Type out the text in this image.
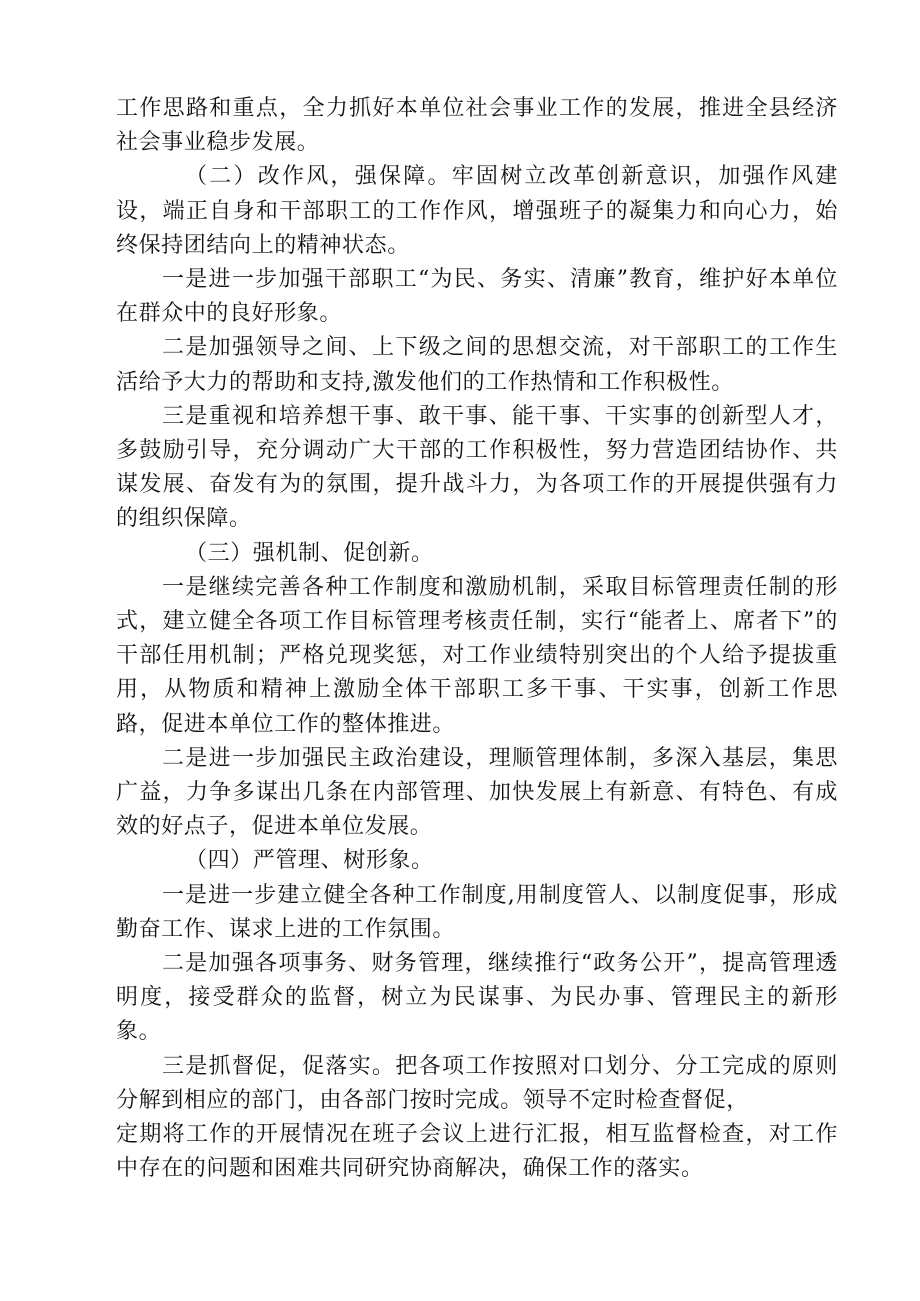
工作思路和重点，全力抓好本单位社会事业工作的发展，推进全县经济社会事业稳步发展。

（二）改作风，强保障。牢固树立改革创新意识，加强作风建设，端正自身和干部职工的工作作风，增强班子的凝集力和向心力，始终保持团结向上的精神状态。

一是进一步加强干部职工“为民、务实、清廉”教育，维护好本单位在群众中的良好形象。

二是加强领导之间、上下级之间的思想交流，对干部职工的工作生活给予大力的帮助和支持,激发他们的工作热情和工作积极性。

三是重视和培养想干事、敢干事、能干事、干实事的创新型人才，多鼓励引导，充分调动广大干部的工作积极性，努力营造团结协作、共谋发展、奋发有为的氛围，提升战斗力，为各项工作的开展提供强有力的组织保障。

（三）强机制、促创新。

一是继续完善各种工作制度和激励机制，采取目标管理责任制的形式，建立健全各项工作目标管理考核责任制，实行“能者上、席者下”的干部任用机制；严格兑现奖惩，对工作业绩特别突出的个人给予提拔重用，从物质和精神上激励全体干部职工多干事、干实事，创新工作思路，促进本单位工作的整体推进。

二是进一步加强民主政治建设，理顺管理体制，多深入基层，集思广益，力争多谋出几条在内部管理、加快发展上有新意、有特色、有成效的好点子，促进本单位发展。

（四）严管理、树形象。

一是进一步建立健全各种工作制度,用制度管人、以制度促事，形成勤奋工作、谋求上进的工作氛围。

二是加强各项事务、财务管理，继续推行“政务公开”，提高管理透明度，接受群众的监督，树立为民谋事、为民办事、管理民主的新形象。

三是抓督促，促落实。把各项工作按照对口划分、分工完成的原则分解到相应的部门，由各部门按时完成。领导不定时检查督促，

定期将工作的开展情况在班子会议上进行汇报，相互监督检查，对工作中存在的问题和困难共同研究协商解决，确保工作的落实。
